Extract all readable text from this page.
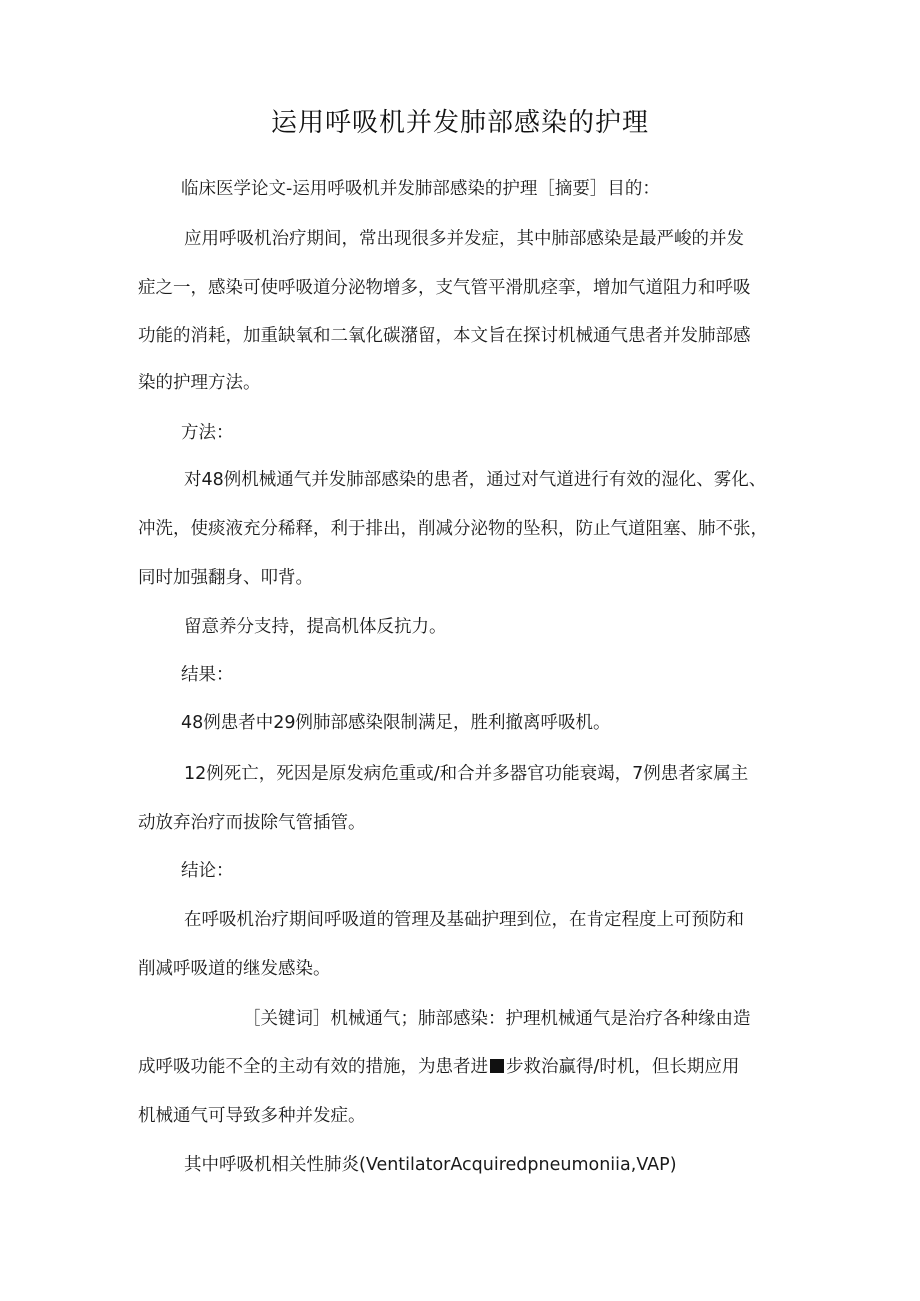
运用呼吸机并发肺部感染的护理
临床医学论文-运用呼吸机并发肺部感染的护理［摘要］目的：
应用呼吸机治疗期间，常出现很多并发症，其中肺部感染是最严峻的并发
症之一，感染可使呼吸道分泌物增多，支气管平滑肌痉挛，增加气道阻力和呼吸
功能的消耗，加重缺氧和二氧化碳潴留，本文旨在探讨机械通气患者并发肺部感
染的护理方法。
方法：
对48例机械通气并发肺部感染的患者，通过对气道进行有效的湿化、雾化、
冲洗，使痰液充分稀释，利于排出，削减分泌物的坠积，防止气道阻塞、肺不张，
同时加强翻身、叩背。
留意养分支持，提高机体反抗力。
结果：
48例患者中29例肺部感染限制满足，胜利撤离呼吸机。
12例死亡，死因是原发病危重或/和合并多器官功能衰竭，7例患者家属主
动放弃治疗而拔除气管插管。
结论：
在呼吸机治疗期间呼吸道的管理及基础护理到位，在肯定程度上可预防和
削减呼吸道的继发感染。
［关键词］机械通气；肺部感染：护理机械通气是治疗各种缘由造
成呼吸功能不全的主动有效的措施，为患者进 步救治赢得/时机，但长期应用
机械通气可导致多种并发症。
其中呼吸机相关性肺炎(VentilatorAcquiredpneumoniia,VAP)
